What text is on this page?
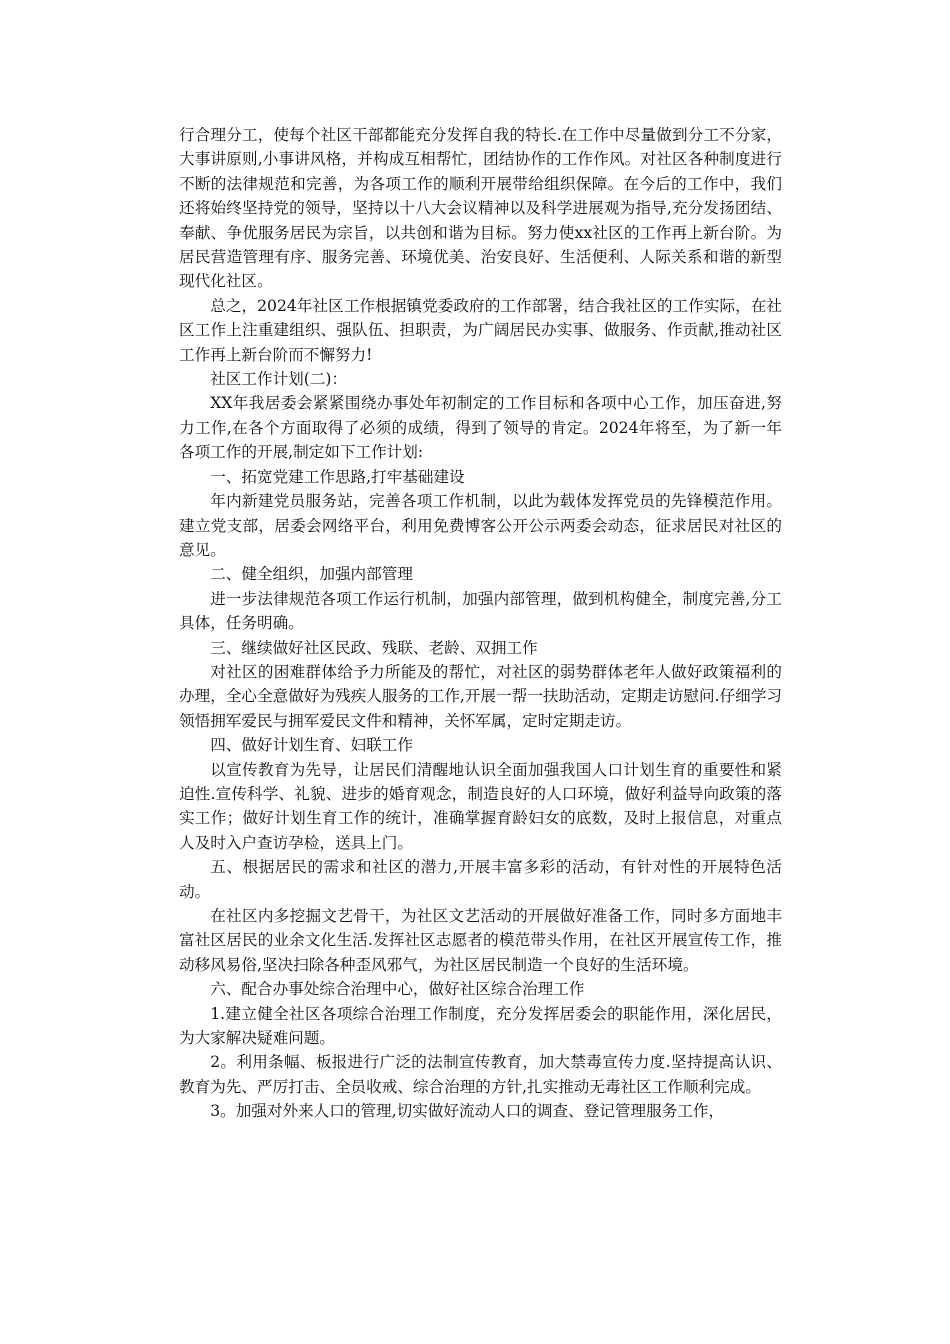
行合理分工，使每个社区干部都能充分发挥自我的特长.在工作中尽量做到分工不分家，大事讲原则,小事讲风格，并构成互相帮忙，团结协作的工作作风。对社区各种制度进行不断的法律规范和完善，为各项工作的顺利开展带给组织保障。在今后的工作中，我们还将始终坚持党的领导，坚持以十八大会议精神以及科学进展观为指导,充分发扬团结、奉献、争优服务居民为宗旨，以共创和谐为目标。努力使xx社区的工作再上新台阶。为居民营造管理有序、服务完善、环境优美、治安良好、生活便利、人际关系和谐的新型现代化社区。

总之，2024年社区工作根据镇党委政府的工作部署，结合我社区的工作实际，在社区工作上注重建组织、强队伍、担职责，为广阔居民办实事、做服务、作贡献,推动社区工作再上新台阶而不懈努力!

社区工作计划(二)：

XX年我居委会紧紧围绕办事处年初制定的工作目标和各项中心工作，加压奋进,努力工作,在各个方面取得了必须的成绩，得到了领导的肯定。2024年将至，为了新一年各项工作的开展,制定如下工作计划:

一、拓宽党建工作思路,打牢基础建设

年内新建党员服务站，完善各项工作机制，以此为载体发挥党员的先锋模范作用。建立党支部，居委会网络平台，利用免费博客公开公示两委会动态，征求居民对社区的意见。

二、健全组织，加强内部管理

进一步法律规范各项工作运行机制，加强内部管理，做到机构健全，制度完善,分工具体，任务明确。

三、继续做好社区民政、残联、老龄、双拥工作

对社区的困难群体给予力所能及的帮忙，对社区的弱势群体老年人做好政策福利的办理，全心全意做好为残疾人服务的工作,开展一帮一扶助活动，定期走访慰问.仔细学习领悟拥军爱民与拥军爱民文件和精神，关怀军属，定时定期走访。

四、做好计划生育、妇联工作

以宣传教育为先导，让居民们清醒地认识全面加强我国人口计划生育的重要性和紧迫性.宣传科学、礼貌、进步的婚育观念，制造良好的人口环境，做好利益导向政策的落实工作；做好计划生育工作的统计，准确掌握育龄妇女的底数，及时上报信息，对重点人及时入户查访孕检，送具上门。

五、根据居民的需求和社区的潜力,开展丰富多彩的活动，有针对性的开展特色活动。

在社区内多挖掘文艺骨干，为社区文艺活动的开展做好准备工作，同时多方面地丰富社区居民的业余文化生活.发挥社区志愿者的模范带头作用，在社区开展宣传工作，推动移风易俗,坚决扫除各种歪风邪气，为社区居民制造一个良好的生活环境。

六、配合办事处综合治理中心，做好社区综合治理工作

1.建立健全社区各项综合治理工作制度，充分发挥居委会的职能作用，深化居民，为大家解决疑难问题。

2。利用条幅、板报进行广泛的法制宣传教育，加大禁毒宣传力度.坚持提高认识、教育为先、严厉打击、全员收戒、综合治理的方针,扎实推动无毒社区工作顺利完成。

3。加强对外来人口的管理,切实做好流动人口的调查、登记管理服务工作，
